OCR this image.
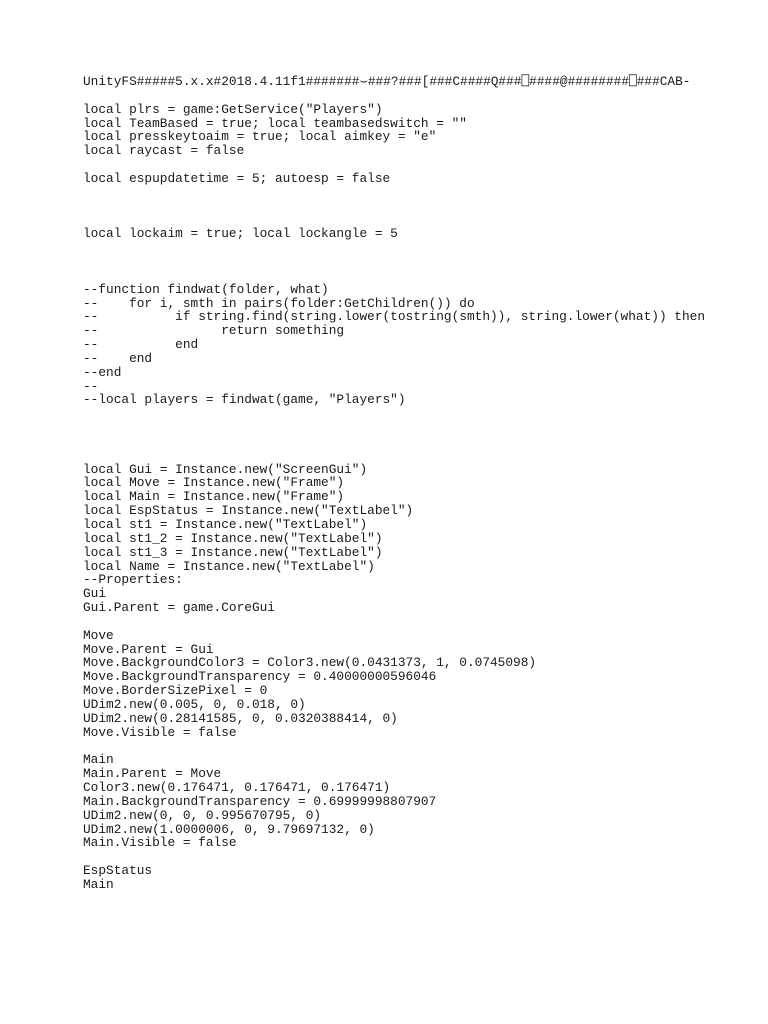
UnityFS#####5.x.x#2018.4.11f1#######⌣###?###[###C####Q###⎕####@########⎕###CAB-
local plrs = game:GetService("Players")
local TeamBased = true; local teambasedswitch = ""
local presskeytoaim = true; local aimkey = "e"
local raycast = false
local espupdatetime = 5; autoesp = false
local lockaim = true; local lockangle = 5
--function findwat(folder, what)
--    for i, smth in pairs(folder:GetChildren()) do
--          if string.find(string.lower(tostring(smth)), string.lower(what)) then
--                return something
--          end
--    end
--end
--
--local players = findwat(game, "Players")
local Gui = Instance.new("ScreenGui")
local Move = Instance.new("Frame")
local Main = Instance.new("Frame")
local EspStatus = Instance.new("TextLabel")
local st1 = Instance.new("TextLabel")
local st1_2 = Instance.new("TextLabel")
local st1_3 = Instance.new("TextLabel")
local Name = Instance.new("TextLabel")
--Properties:
Gui
Gui.Parent = game.CoreGui
Move
Move.Parent = Gui
Move.BackgroundColor3 = Color3.new(0.0431373, 1, 0.0745098)
Move.BackgroundTransparency = 0.40000000596046
Move.BorderSizePixel = 0
UDim2.new(0.005, 0, 0.018, 0)
UDim2.new(0.28141585, 0, 0.0320388414, 0)
Move.Visible = false
Main
Main.Parent = Move
Color3.new(0.176471, 0.176471, 0.176471)
Main.BackgroundTransparency = 0.69999998807907
UDim2.new(0, 0, 0.995670795, 0)
UDim2.new(1.0000006, 0, 9.79697132, 0)
Main.Visible = false
EspStatus
Main
